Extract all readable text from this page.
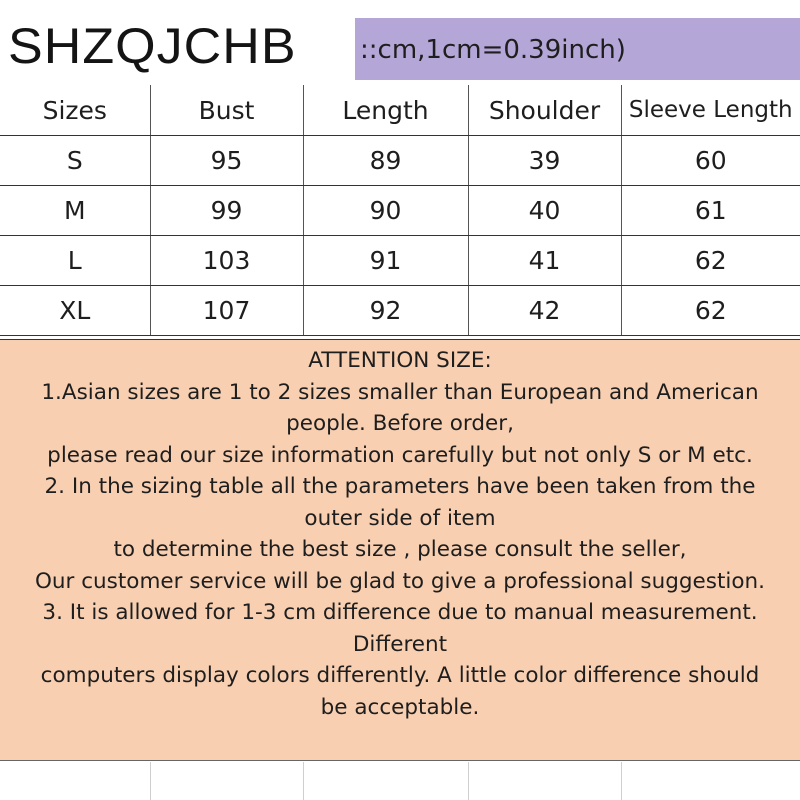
::cm,1cm=0.39inch)
SHZQJCHB
Sizes	Bust	Length	Shoulder	Sleeve Length
S	95	89	39	60
M	99	90	40	61
L	103	91	41	62
XL	107	92	42	62
ATTENTION SIZE:
1.Asian sizes are 1 to 2 sizes smaller than European and American
people. Before order,
please read our size information carefully but not only S or M etc.
2. In the sizing table all the parameters have been taken from the
outer side of item
to determine the best size , please consult the seller,
Our customer service will be glad to give a professional suggestion.
3. It is allowed for 1-3 cm difference due to manual measurement.
Different
computers display colors differently. A little color difference should
be acceptable.
